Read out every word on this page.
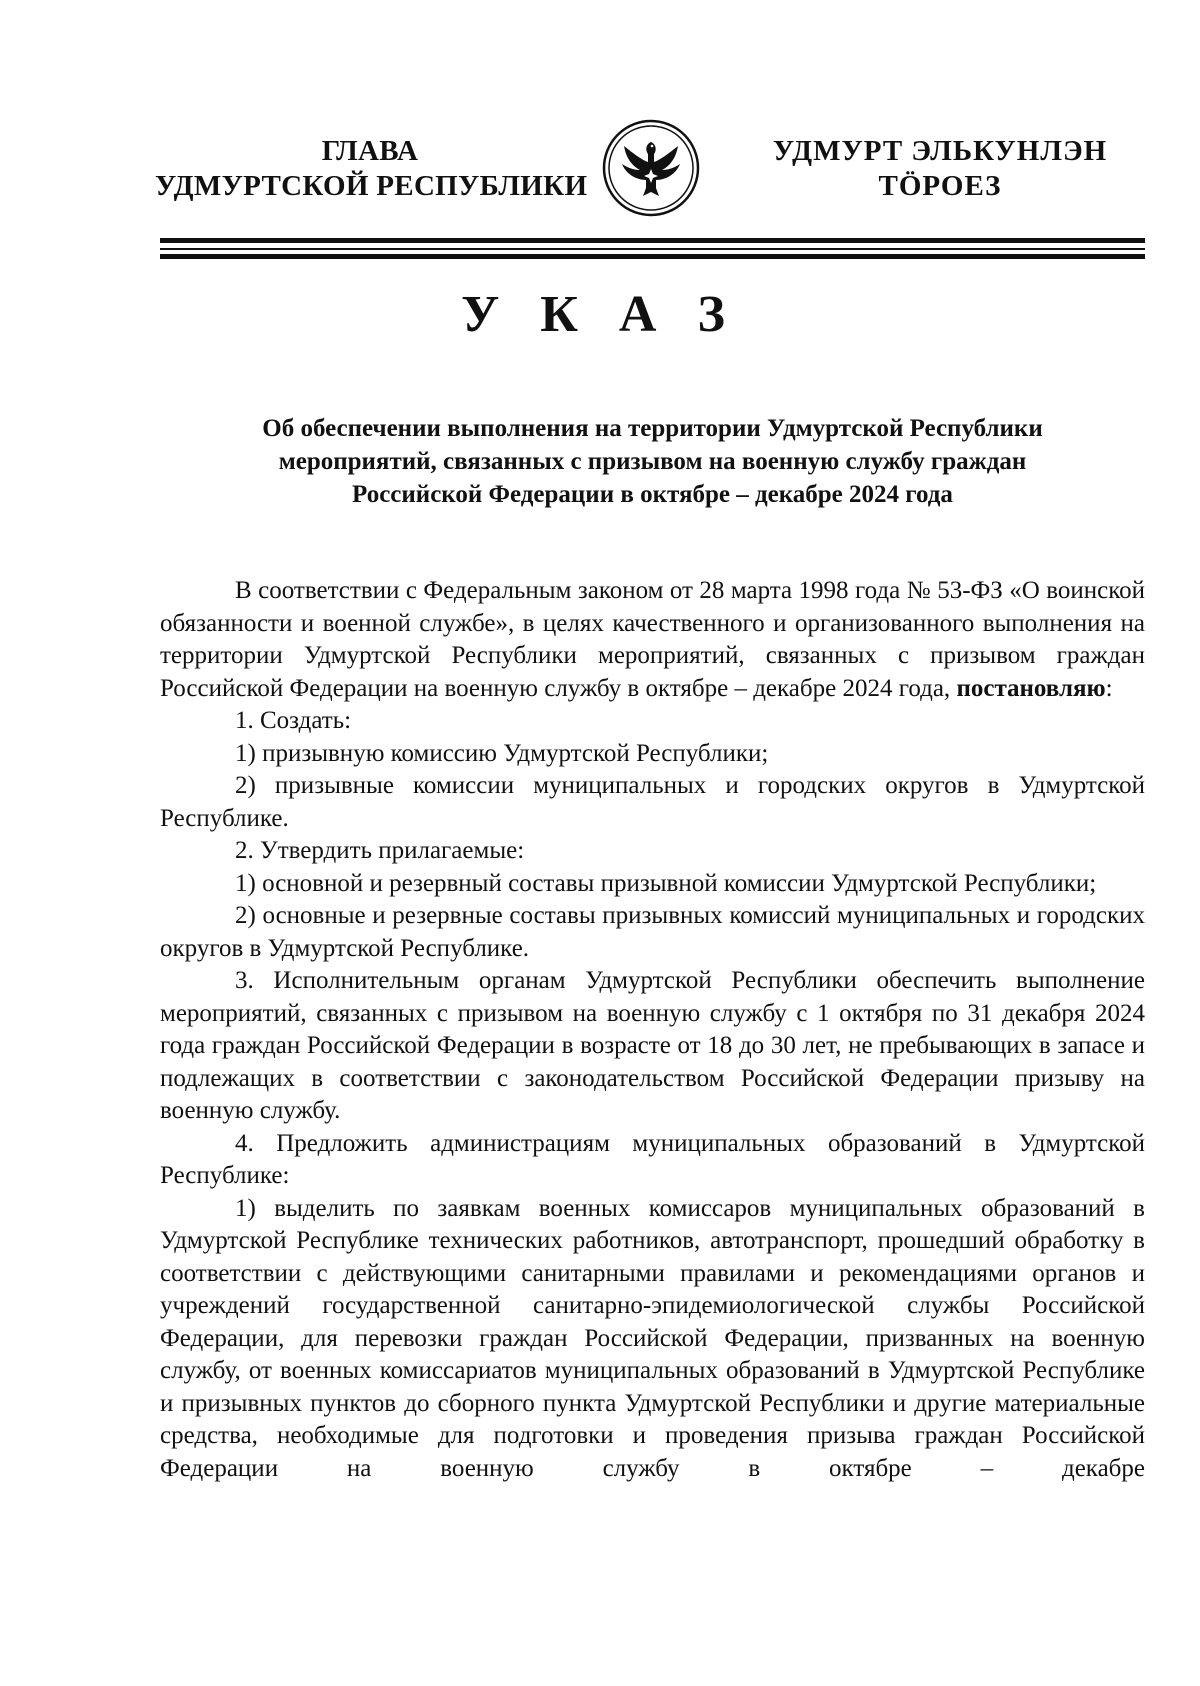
ГЛАВА
УДМУРТСКОЙ РЕСПУБЛИКИ
УДМУРТ ЭЛЬКУНЛЭН
ТÖРОЕЗ
У К А З
Об обеспечении выполнения на территории Удмуртской Республики
мероприятий, связанных с призывом на военную службу граждан
Российской Федерации в октябре – декабре 2024 года

В соответствии с Федеральным законом от 28 марта 1998 года № 53-ФЗ «О воинской обязанности и военной службе», в целях качественного и организованного выполнения на территории Удмуртской Республики мероприятий, связанных с призывом граждан Российской Федерации на военную службу в октябре – декабре 2024 года, постановляю:

1. Создать:

1) призывную комиссию Удмуртской Республики;

2) призывные комиссии муниципальных и городских округов в Удмуртской Республике.

2. Утвердить прилагаемые:

1) основной и резервный составы призывной комиссии Удмуртской Республики;

2) основные и резервные составы призывных комиссий муниципальных и городских округов в Удмуртской Республике.

3. Исполнительным органам Удмуртской Республики обеспечить выполнение мероприятий, связанных с призывом на военную службу с 1 октября по 31 декабря 2024 года граждан Российской Федерации в возрасте от 18 до 30 лет, не пребывающих в запасе и подлежащих в соответствии с законодательством Российской Федерации призыву на военную службу.

4. Предложить администрациям муниципальных образований в Удмуртской Республике:

1) выделить по заявкам военных комиссаров муниципальных образований в Удмуртской Республике технических работников, автотранспорт, прошедший обработку в соответствии с действующими санитарными правилами и рекомендациями органов и учреждений государственной санитарно-эпидемиологической службы Российской Федерации, для перевозки граждан Российской Федерации, призванных на военную службу, от военных комиссариатов муниципальных образований в Удмуртской Республике и призывных пунктов до сборного пункта Удмуртской Республики и другие материальные средства, необходимые для подготовки и проведения призыва граждан Российской Федерации на военную службу в октябре – декабре
